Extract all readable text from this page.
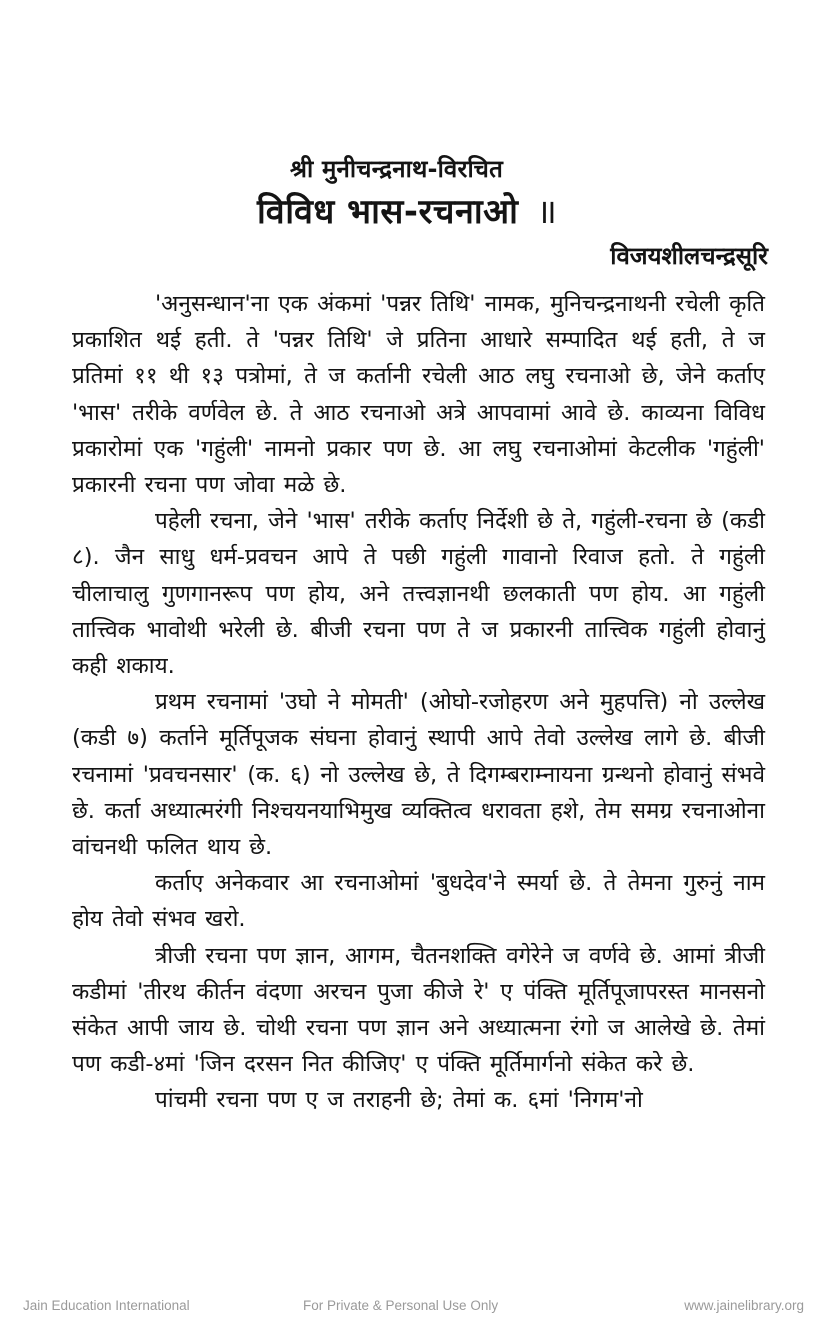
श्री मुनीचन्द्रनाथ-विरचित
विविध भास-रचनाओ ॥
विजयशीलचन्द्रसूरि

'अनुसन्धान'ना एक अंकमां 'पन्नर तिथि' नामक, मुनिचन्द्रनाथनी रचेली कृति प्रकाशित थई हती. ते 'पन्नर तिथि' जे प्रतिना आधारे सम्पादित थई हती, ते ज प्रतिमां ११ थी १३ पत्रोमां, ते ज कर्तानी रचेली आठ लघु रचनाओ छे, जेने कर्ताए 'भास' तरीके वर्णवेल छे. ते आठ रचनाओ अत्रे आपवामां आवे छे. काव्यना विविध प्रकारोमां एक 'गहुंली' नामनो प्रकार पण छे. आ लघु रचनाओमां केटलीक 'गहुंली' प्रकारनी रचना पण जोवा मळे छे.

पहेली रचना, जेने 'भास' तरीके कर्ताए निर्देशी छे ते, गहुंली-रचना छे (कडी ८). जैन साधु धर्म-प्रवचन आपे ते पछी गहुंली गावानो रिवाज हतो. ते गहुंली चीलाचालु गुणगानरूप पण होय, अने तत्त्वज्ञानथी छलकाती पण होय. आ गहुंली तात्त्विक भावोथी भरेली छे. बीजी रचना पण ते ज प्रकारनी तात्त्विक गहुंली होवानुं कही शकाय.

प्रथम रचनामां 'उघो ने मोमती' (ओघो-रजोहरण अने मुहपत्ति) नो उल्लेख (कडी ७) कर्ताने मूर्तिपूजक संघना होवानुं स्थापी आपे तेवो उल्लेख लागे छे. बीजी रचनामां 'प्रवचनसार' (क. ६) नो उल्लेख छे, ते दिगम्बराम्नायना ग्रन्थनो होवानुं संभवे छे. कर्ता अध्यात्मरंगी निश्चयनयाभिमुख व्यक्तित्व धरावता हशे, तेम समग्र रचनाओना वांचनथी फलित थाय छे.

कर्ताए अनेकवार आ रचनाओमां 'बुधदेव'ने स्मर्या छे. ते तेमना गुरुनुं नाम होय तेवो संभव खरो.

त्रीजी रचना पण ज्ञान, आगम, चैतनशक्ति वगेरेने ज वर्णवे छे. आमां त्रीजी कडीमां 'तीरथ कीर्तन वंदणा अरचन पुजा कीजे रे' ए पंक्ति मूर्तिपूजापरस्त मानसनो संकेत आपी जाय छे. चोथी रचना पण ज्ञान अने अध्यात्मना रंगो ज आलेखे छे. तेमां पण कडी-४मां 'जिन दरसन नित कीजिए' ए पंक्ति मूर्तिमार्गनो संकेत करे छे.

पांचमी रचना पण ए ज तराहनी छे; तेमां क. ६मां 'निगम'नो

Jain Education International	For Private & Personal Use Only	www.jainelibrary.org
